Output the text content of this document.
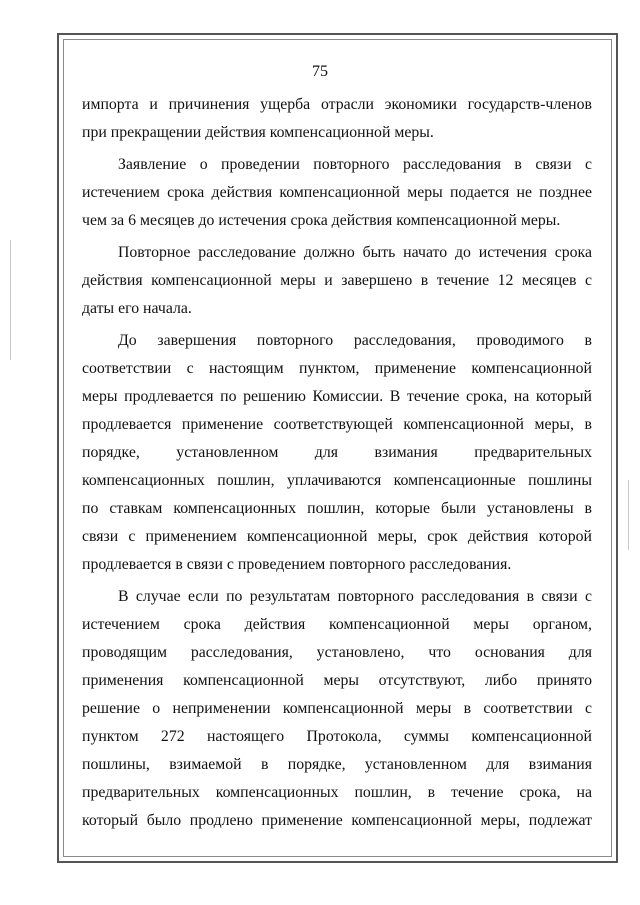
75
импорта и причинения ущерба отрасли экономики государств-членов
при прекращении действия компенсационной меры.
Заявление о проведении повторного расследования в связи с
истечением срока действия компенсационной меры подается не позднее
чем за 6 месяцев до истечения срока действия компенсационной меры.
Повторное расследование должно быть начато до истечения срока
действия компенсационной меры и завершено в течение 12 месяцев с
даты его начала.
До завершения повторного расследования, проводимого в
соответствии с настоящим пунктом, применение компенсационной
меры продлевается по решению Комиссии. В течение срока, на который
продлевается применение соответствующей компенсационной меры, в
порядке, установленном для взимания предварительных
компенсационных пошлин, уплачиваются компенсационные пошлины
по ставкам компенсационных пошлин, которые были установлены в
связи с применением компенсационной меры, срок действия которой
продлевается в связи с проведением повторного расследования.
В случае если по результатам повторного расследования в связи с
истечением срока действия компенсационной меры органом,
проводящим расследования, установлено, что основания для
применения компенсационной меры отсутствуют, либо принято
решение о неприменении компенсационной меры в соответствии с
пунктом 272 настоящего Протокола, суммы компенсационной
пошлины, взимаемой в порядке, установленном для взимания
предварительных компенсационных пошлин, в течение срока, на
который было продлено применение компенсационной меры, подлежат
